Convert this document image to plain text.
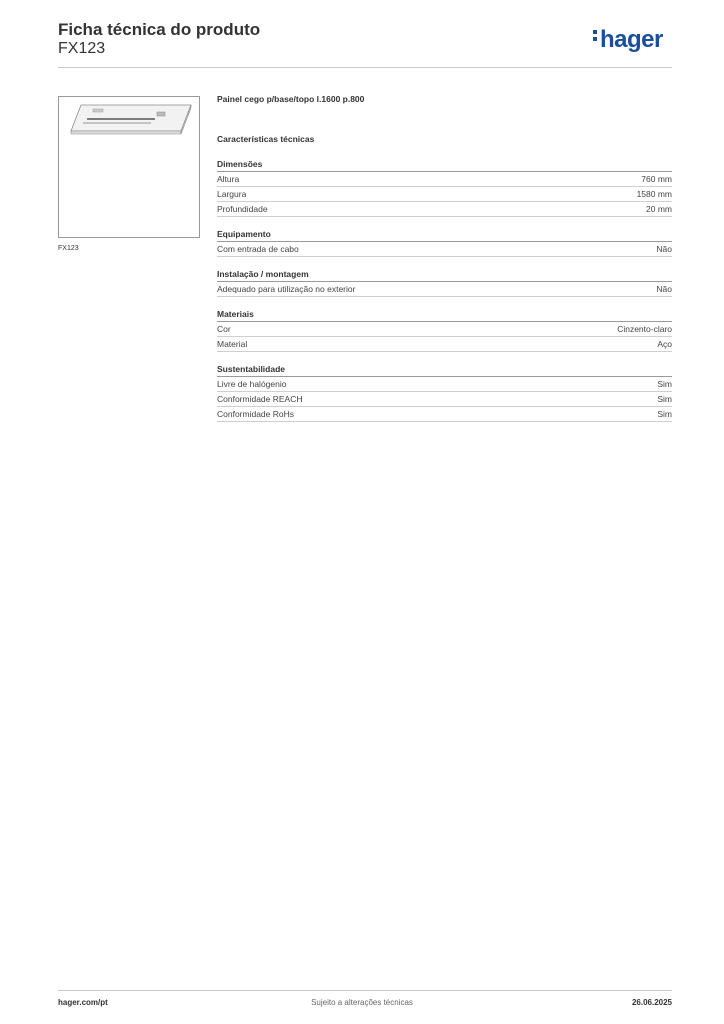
Ficha técnica do produto
FX123	hager
FX123
Painel cego p/base/topo l.1600 p.800
Características técnicas
Dimensões
Altura	760 mm
Largura	1580 mm
Profundidade	20 mm
Equipamento
Com entrada de cabo	Não
Instalação / montagem
Adequado para utilização no exterior	Não
Materiais
Cor	Cinzento-claro
Material	Aço
Sustentabilidade
Livre de halógenio	Sim
Conformidade REACH	Sim
Conformidade RoHs	Sim
hager.com/pt	Sujeito a alterações técnicas	26.06.2025
